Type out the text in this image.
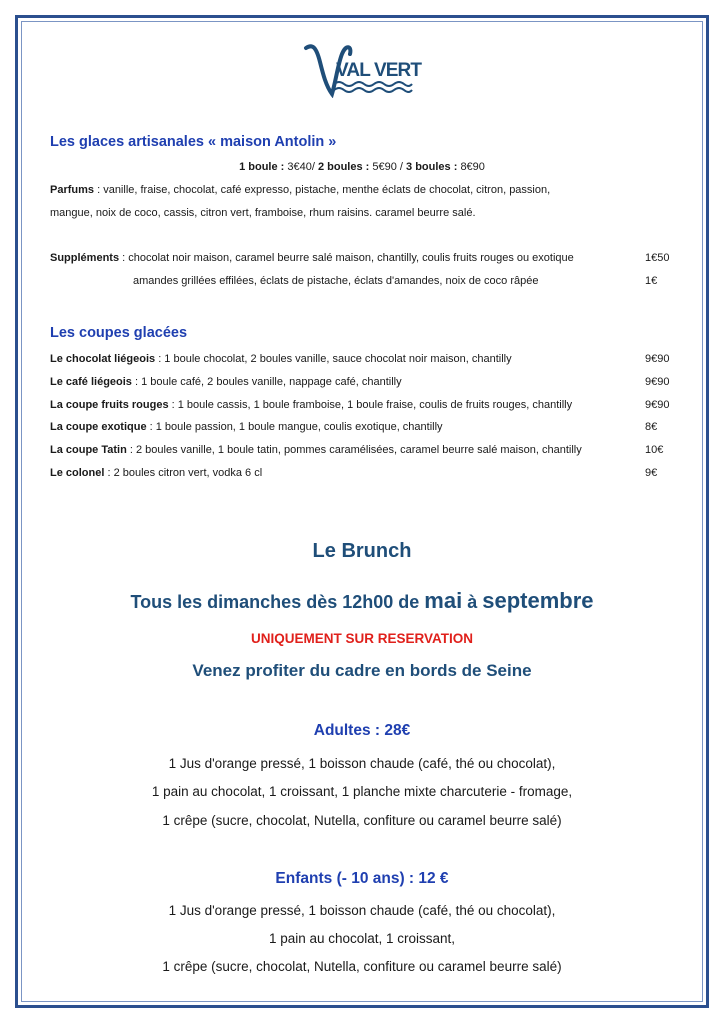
VAL VERT
Les glaces artisanales « maison Antolin »
1 boule : 3€40/ 2 boules : 5€90 / 3 boules : 8€90
Parfums : vanille, fraise, chocolat, café expresso, pistache, menthe éclats de chocolat, citron, passion,
mangue, noix de coco, cassis, citron vert, framboise, rhum raisins. caramel beurre salé.
Suppléments : chocolat noir maison, caramel beurre salé maison, chantilly, coulis fruits rouges ou exotique	1€50
amandes grillées effilées, éclats de pistache, éclats d'amandes, noix de coco râpée	1€
Les coupes glacées
Le chocolat liégeois : 1 boule chocolat, 2 boules vanille, sauce chocolat noir maison, chantilly	9€90
Le café liégeois : 1 boule café, 2 boules vanille, nappage café, chantilly	9€90
La coupe fruits rouges : 1 boule cassis, 1 boule framboise, 1 boule fraise, coulis de fruits rouges, chantilly	9€90
La coupe exotique : 1 boule passion, 1 boule mangue, coulis exotique, chantilly	8€
La coupe Tatin : 2 boules vanille, 1 boule tatin, pommes caramélisées, caramel beurre salé maison, chantilly	10€
Le colonel : 2 boules citron vert, vodka 6 cl	9€
Le Brunch
Tous les dimanches dès 12h00 de mai à septembre
UNIQUEMENT SUR RESERVATION
Venez profiter du cadre en bords de Seine
Adultes : 28€
1 Jus d'orange pressé, 1 boisson chaude (café, thé ou chocolat),
1 pain au chocolat, 1 croissant, 1 planche mixte charcuterie - fromage,
1 crêpe (sucre, chocolat, Nutella, confiture ou caramel beurre salé)
Enfants (- 10 ans) : 12 €
1 Jus d'orange pressé, 1 boisson chaude (café, thé ou chocolat),
1 pain au chocolat, 1 croissant,
1 crêpe (sucre, chocolat, Nutella, confiture ou caramel beurre salé)
